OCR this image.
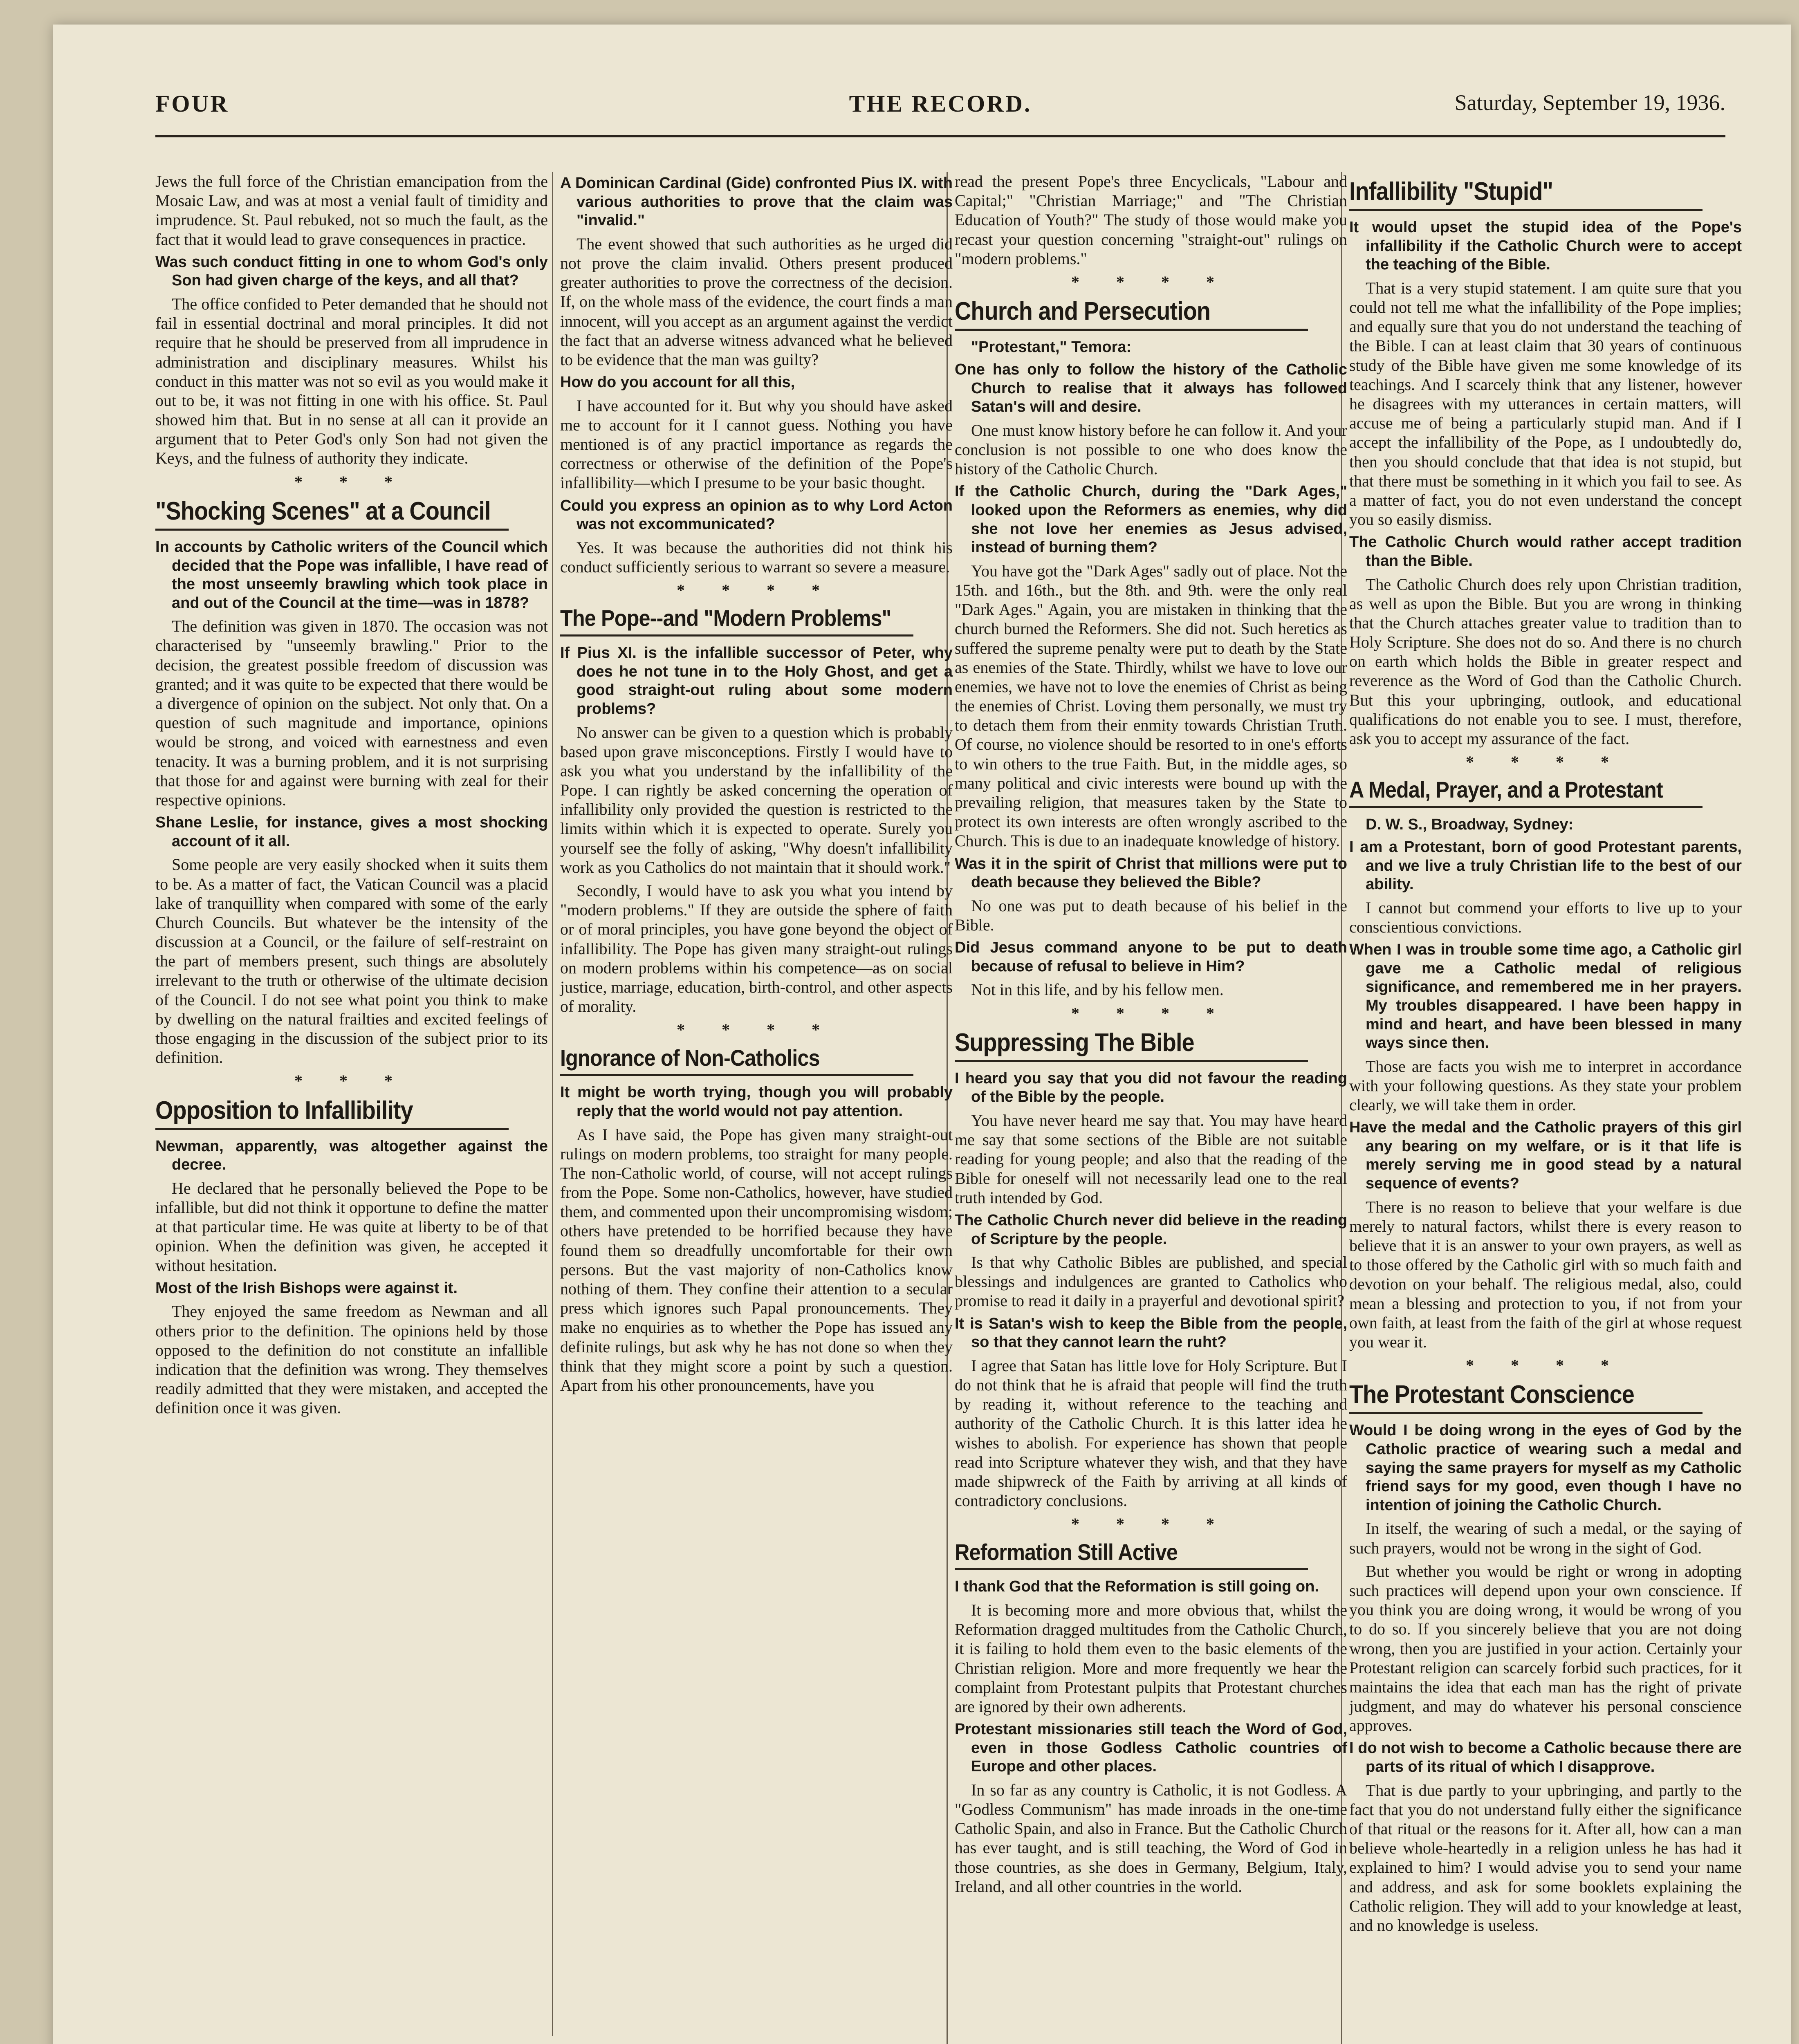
FOUR	THE RECORD.	Saturday, September 19, 1936.

Jews the full force of the Christian emancipation from the Mosaic Law, and was at most a venial fault of timidity and imprudence. St. Paul rebuked, not so much the fault, as the fact that it would lead to grave consequences in practice.

Was such conduct fitting in one to whom God's only Son had given charge of the keys, and all that?

The office confided to Peter demanded that he should not fail in essential doctrinal and moral principles. It did not require that he should be preserved from all imprudence in administration and disciplinary measures. Whilst his conduct in this matter was not so evil as you would make it out to be, it was not fitting in one with his office. St. Paul showed him that. But in no sense at all can it provide an argument that to Peter God's only Son had not given the Keys, and the fulness of authority they indicate.

* * *
"Shocking Scenes" at a Council
In accounts by Catholic writers of the Council which decided that the Pope was infallible, I have read of the most unseemly brawling which took place in and out of the Council at the time—was in 1878?

The definition was given in 1870. The occasion was not characterised by "unseemly brawling." Prior to the decision, the greatest possible freedom of discussion was granted; and it was quite to be expected that there would be a divergence of opinion on the subject. Not only that. On a question of such magnitude and importance, opinions would be strong, and voiced with earnestness and even tenacity. It was a burning problem, and it is not surprising that those for and against were burning with zeal for their respective opinions.

Shane Leslie, for instance, gives a most shocking account of it all.

Some people are very easily shocked when it suits them to be. As a matter of fact, the Vatican Council was a placid lake of tranquillity when compared with some of the early Church Councils. But whatever be the intensity of the discussion at a Council, or the failure of self-restraint on the part of members present, such things are absolutely irrelevant to the truth or otherwise of the ultimate decision of the Council. I do not see what point you think to make by dwelling on the natural frailties and excited feelings of those engaging in the discussion of the subject prior to its definition.

* * *
Opposition to Infallibility
Newman, apparently, was altogether against the decree.

He declared that he personally believed the Pope to be infallible, but did not think it opportune to define the matter at that particular time. He was quite at liberty to be of that opinion. When the definition was given, he accepted it without hesitation.

Most of the Irish Bishops were against it.

They enjoyed the same freedom as Newman and all others prior to the definition. The opinions held by those opposed to the definition do not constitute an infallible indication that the definition was wrong. They themselves readily admitted that they were mistaken, and accepted the definition once it was given.

A Dominican Cardinal (Gide) confronted Pius IX. with various authorities to prove that the claim was "invalid."

The event showed that such authorities as he urged did not prove the claim invalid. Others present produced greater authorities to prove the correctness of the decision. If, on the whole mass of the evidence, the court finds a man innocent, will you accept as an argument against the verdict the fact that an adverse witness advanced what he believed to be evidence that the man was guilty?

How do you account for all this,

I have accounted for it. But why you should have asked me to account for it I cannot guess. Nothing you have mentioned is of any practicl importance as regards the correctness or otherwise of the definition of the Pope's infallibility—which I presume to be your basic thought.

Could you express an opinion as to why Lord Acton was not excommunicated?

Yes. It was because the authorities did not think his conduct sufficiently serious to warrant so severe a measure.

* * * *
The Pope--and "Modern Problems"
If Pius XI. is the infallible successor of Peter, why does he not tune in to the Holy Ghost, and get a good straight-out ruling about some modern problems?

No answer can be given to a question which is probably based upon grave misconceptions. Firstly I would have to ask you what you understand by the infallibility of the Pope. I can rightly be asked concerning the operation of infallibility only provided the question is restricted to the limits within which it is expected to operate. Surely you yourself see the folly of asking, "Why doesn't infallibility work as you Catholics do not maintain that it should work."

Secondly, I would have to ask you what you intend by "modern problems." If they are outside the sphere of faith or of moral principles, you have gone beyond the object of infallibility. The Pope has given many straight-out rulings on modern problems within his competence—as on social justice, marriage, education, birth-control, and other aspects of morality.

* * * *
Ignorance of Non-Catholics
It might be worth trying, though you will probably reply that the world would not pay attention.

As I have said, the Pope has given many straight-out rulings on modern problems, too straight for many people. The non-Catholic world, of course, will not accept rulings from the Pope. Some non-Catholics, however, have studied them, and commented upon their uncompromising wisdom; others have pretended to be horrified because they have found them so dreadfully uncomfortable for their own persons. But the vast majority of non-Catholics know nothing of them. They confine their attention to a secular press which ignores such Papal pronouncements. They make no enquiries as to whether the Pope has issued any definite rulings, but ask why he has not done so when they think that they might score a point by such a question. Apart from his other pronouncements, have you

read the present Pope's three Encyclicals, "Labour and Capital;" "Christian Marriage;" and "The Christian Education of Youth?" The study of those would make you recast your question concerning "straight-out" rulings on "modern problems."

* * * *
Church and Persecution
"Protestant," Temora:
One has only to follow the history of the Catholic Church to realise that it always has followed Satan's will and desire.

One must know history before he can follow it. And your conclusion is not possible to one who does know the history of the Catholic Church.

If the Catholic Church, during the "Dark Ages," looked upon the Reformers as enemies, why did she not love her enemies as Jesus advised, instead of burning them?

You have got the "Dark Ages" sadly out of place. Not the 15th. and 16th., but the 8th. and 9th. were the only real "Dark Ages." Again, you are mistaken in thinking that the church burned the Reformers. She did not. Such heretics as suffered the supreme penalty were put to death by the State as enemies of the State. Thirdly, whilst we have to love our enemies, we have not to love the enemies of Christ as being the enemies of Christ. Loving them personally, we must try to detach them from their enmity towards Christian Truth. Of course, no violence should be resorted to in one's efforts to win others to the true Faith. But, in the middle ages, so many political and civic interests were bound up with the prevailing religion, that measures taken by the State to protect its own interests are often wrongly ascribed to the Church. This is due to an inadequate knowledge of history.

Was it in the spirit of Christ that millions were put to death because they believed the Bible?

No one was put to death because of his belief in the Bible.

Did Jesus command anyone to be put to death because of refusal to believe in Him?

Not in this life, and by his fellow men.

* * * *
Suppressing The Bible
I heard you say that you did not favour the reading of the Bible by the people.

You have never heard me say that. You may have heard me say that some sections of the Bible are not suitable reading for young people; and also that the reading of the Bible for oneself will not necessarily lead one to the real truth intended by God.

The Catholic Church never did believe in the reading of Scripture by the people.

Is that why Catholic Bibles are published, and special blessings and indulgences are granted to Catholics who promise to read it daily in a prayerful and devotional spirit?

It is Satan's wish to keep the Bible from the people, so that they cannot learn the ruht?

I agree that Satan has little love for Holy Scripture. But I do not think that he is afraid that people will find the truth by reading it, without reference to the teaching and authority of the Catholic Church. It is this latter idea he wishes to abolish. For experience has shown that people read into Scripture whatever they wish, and that they have made shipwreck of the Faith by arriving at all kinds of contradictory conclusions.

* * * *
Reformation Still Active
I thank God that the Reformation is still going on.

It is becoming more and more obvious that, whilst the Reformation dragged multitudes from the Catholic Church, it is failing to hold them even to the basic elements of the Christian religion. More and more frequently we hear the complaint from Protestant pulpits that Protestant churches are ignored by their own adherents.

Protestant missionaries still teach the Word of God, even in those Godless Catholic countries of Europe and other places.

In so far as any country is Catholic, it is not Godless. A "Godless Communism" has made inroads in the one-time Catholic Spain, and also in France. But the Catholic Church has ever taught, and is still teaching, the Word of God in those countries, as she does in Germany, Belgium, Italy, Ireland, and all other countries in the world.

Infallibility "Stupid"
It would upset the stupid idea of the Pope's infallibility if the Catholic Church were to accept the teaching of the Bible.

That is a very stupid statement. I am quite sure that you could not tell me what the infallibility of the Pope implies; and equally sure that you do not understand the teaching of the Bible. I can at least claim that 30 years of continuous study of the Bible have given me some knowledge of its teachings. And I scarcely think that any listener, however he disagrees with my utterances in certain matters, will accuse me of being a particularly stupid man. And if I accept the infallibility of the Pope, as I undoubtedly do, then you should conclude that that idea is not stupid, but that there must be something in it which you fail to see. As a matter of fact, you do not even understand the concept you so easily dismiss.

The Catholic Church would rather accept tradition than the Bible.

The Catholic Church does rely upon Christian tradition, as well as upon the Bible. But you are wrong in thinking that the Church attaches greater value to tradition than to Holy Scripture. She does not do so. And there is no church on earth which holds the Bible in greater respect and reverence as the Word of God than the Catholic Church. But this your upbringing, outlook, and educational qualifications do not enable you to see. I must, therefore, ask you to accept my assurance of the fact.

* * * *
A Medal, Prayer, and a Protestant
D. W. S., Broadway, Sydney:
I am a Protestant, born of good Protestant parents, and we live a truly Christian life to the best of our ability.

I cannot but commend your efforts to live up to your conscientious convictions.

When I was in trouble some time ago, a Catholic girl gave me a Catholic medal of religious significance, and remembered me in her prayers. My troubles disappeared. I have been happy in mind and heart, and have been blessed in many ways since then.

Those are facts you wish me to interpret in accordance with your following questions. As they state your problem clearly, we will take them in order.

Have the medal and the Catholic prayers of this girl any bearing on my welfare, or is it that life is merely serving me in good stead by a natural sequence of events?

There is no reason to believe that your welfare is due merely to natural factors, whilst there is every reason to believe that it is an answer to your own prayers, as well as to those offered by the Catholic girl with so much faith and devotion on your behalf. The religious medal, also, could mean a blessing and protection to you, if not from your own faith, at least from the faith of the girl at whose request you wear it.

* * * *
The Protestant Conscience
Would I be doing wrong in the eyes of God by the Catholic practice of wearing such a medal and saying the same prayers for myself as my Catholic friend says for my good, even though I have no intention of joining the Catholic Church.

In itself, the wearing of such a medal, or the saying of such prayers, would not be wrong in the sight of God.

But whether you would be right or wrong in adopting such practices will depend upon your own conscience. If you think you are doing wrong, it would be wrong of you to do so. If you sincerely believe that you are not doing wrong, then you are justified in your action. Certainly your Protestant religion can scarcely forbid such practices, for it maintains the idea that each man has the right of private judgment, and may do whatever his personal conscience approves.

I do not wish to become a Catholic because there are parts of its ritual of which I disapprove.

That is due partly to your upbringing, and partly to the fact that you do not understand fully either the significance of that ritual or the reasons for it. After all, how can a man believe whole-heartedly in a religion unless he has had it explained to him? I would advise you to send your name and address, and ask for some booklets explaining the Catholic religion. They will add to your knowledge at least, and no knowledge is useless.
